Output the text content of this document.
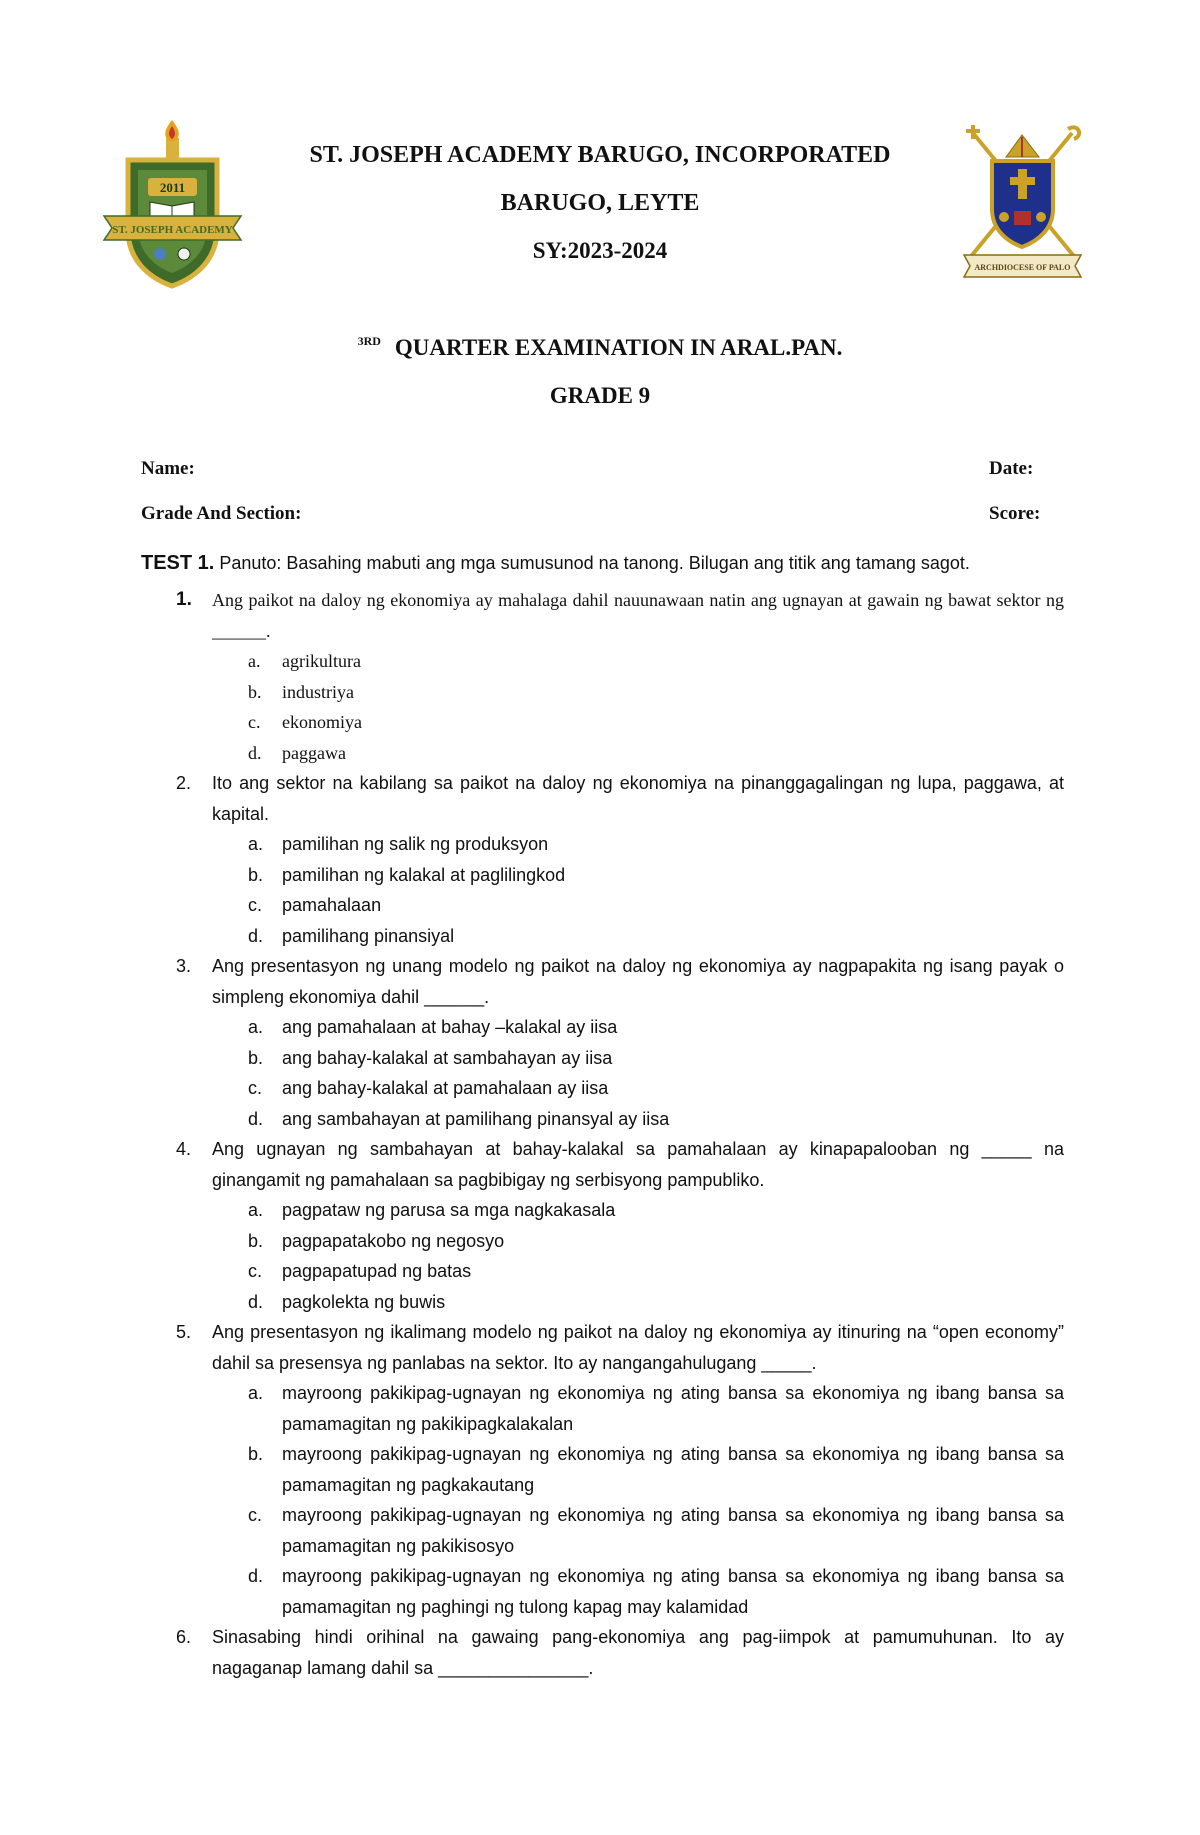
2011
ST. JOSEPH ACADEMY
ARCHDIOCESE OF PALO
ST. JOSEPH ACADEMY BARUGO, INCORPORATED
BARUGO, LEYTE
SY:2023-2024
$^{3RD}$ QUARTER EXAMINATION IN ARAL.PAN.
GRADE 9
Name:	Date:
Grade And Section:	Score:
TEST 1. Panuto: Basahing mabuti ang mga sumusunod na tanong. Bilugan ang titik ang tamang sagot.
1. Ang paikot na daloy ng ekonomiya ay mahalaga dahil nauunawaan natin ang ugnayan at gawain ng bawat sektor ng ______.
a. agrikultura
b. industriya
c. ekonomiya
d. paggawa
2. Ito ang sektor na kabilang sa paikot na daloy ng ekonomiya na pinanggagalingan ng lupa, paggawa, at kapital.
a. pamilihan ng salik ng produksyon
b. pamilihan ng kalakal at paglilingkod
c. pamahalaan
d. pamilihang pinansiyal
3. Ang presentasyon ng unang modelo ng paikot na daloy ng ekonomiya ay nagpapakita ng isang payak o simpleng ekonomiya dahil ______.
a. ang pamahalaan at bahay –kalakal ay iisa
b. ang bahay-kalakal at sambahayan ay iisa
c. ang bahay-kalakal at pamahalaan ay iisa
d. ang sambahayan at pamilihang pinansyal ay iisa
4. Ang ugnayan ng sambahayan at bahay-kalakal sa pamahalaan ay kinapapalooban ng _____ na ginangamit ng pamahalaan sa pagbibigay ng serbisyong pampubliko.
a. pagpataw ng parusa sa mga nagkakasala
b. pagpapatakobo ng negosyo
c. pagpapatupad ng batas
d. pagkolekta ng buwis
5. Ang presentasyon ng ikalimang modelo ng paikot na daloy ng ekonomiya ay itinuring na “open economy” dahil sa presensya ng panlabas na sektor. Ito ay nangangahulugang _____.
a. mayroong pakikipag-ugnayan ng ekonomiya ng ating bansa sa ekonomiya ng ibang bansa sa pamamagitan ng pakikipagkalakalan
b. mayroong pakikipag-ugnayan ng ekonomiya ng ating bansa sa ekonomiya ng ibang bansa sa pamamagitan ng pagkakautang
c. mayroong pakikipag-ugnayan ng ekonomiya ng ating bansa sa ekonomiya ng ibang bansa sa pamamagitan ng pakikisosyo
d. mayroong pakikipag-ugnayan ng ekonomiya ng ating bansa sa ekonomiya ng ibang bansa sa pamamagitan ng paghingi ng tulong kapag may kalamidad
6. Sinasabing hindi orihinal na gawaing pang-ekonomiya ang pag-iimpok at pamumuhunan. Ito ay nagaganap lamang dahil sa _______________.
